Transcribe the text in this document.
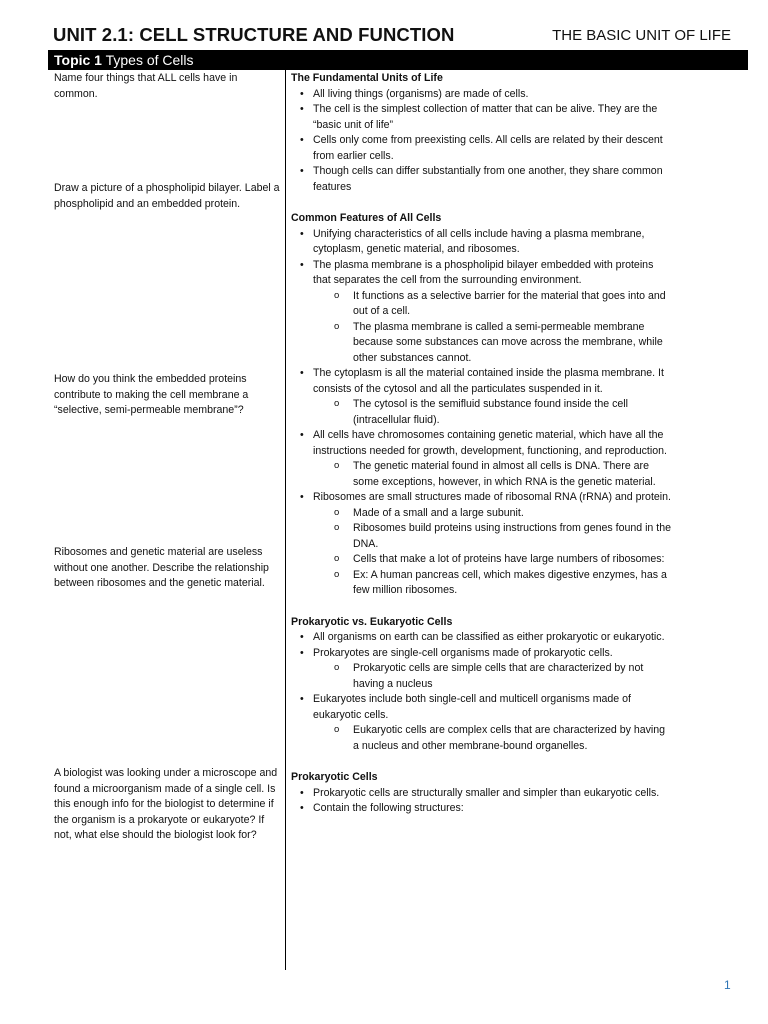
UNIT 2.1: CELL STRUCTURE AND FUNCTION	THE BASIC UNIT OF LIFE
Topic 1 Types of Cells
Name four things that ALL cells have in common.
Draw a picture of a phospholipid bilayer. Label a phospholipid and an embedded protein.
How do you think the embedded proteins contribute to making the cell membrane a “selective, semi-permeable membrane”?
Ribosomes and genetic material are useless without one another. Describe the relationship between ribosomes and the genetic material.
A biologist was looking under a microscope and found a microorganism made of a single cell. Is this enough info for the biologist to determine if the organism is a prokaryote or eukaryote? If not, what else should the biologist look for?
The Fundamental Units of Life
• All living things (organisms) are made of cells.
• The cell is the simplest collection of matter that can be alive. They are the “basic unit of life”
• Cells only come from preexisting cells. All cells are related by their descent from earlier cells.
• Though cells can differ substantially from one another, they share common features
Common Features of All Cells
• Unifying characteristics of all cells include having a plasma membrane, cytoplasm, genetic material, and ribosomes.
• The plasma membrane is a phospholipid bilayer embedded with proteins that separates the cell from the surrounding environment.
o It functions as a selective barrier for the material that goes into and out of a cell.
o The plasma membrane is called a semi-permeable membrane because some substances can move across the membrane, while other substances cannot.
• The cytoplasm is all the material contained inside the plasma membrane. It consists of the cytosol and all the particulates suspended in it.
o The cytosol is the semifluid substance found inside the cell (intracellular fluid).
• All cells have chromosomes containing genetic material, which have all the instructions needed for growth, development, functioning, and reproduction.
o The genetic material found in almost all cells is DNA. There are some exceptions, however, in which RNA is the genetic material.
• Ribosomes are small structures made of ribosomal RNA (rRNA) and protein.
o Made of a small and a large subunit.
o Ribosomes build proteins using instructions from genes found in the DNA.
o Cells that make a lot of proteins have large numbers of ribosomes:
o Ex: A human pancreas cell, which makes digestive enzymes, has a few million ribosomes.
Prokaryotic vs. Eukaryotic Cells
• All organisms on earth can be classified as either prokaryotic or eukaryotic.
• Prokaryotes are single-cell organisms made of prokaryotic cells.
o Prokaryotic cells are simple cells that are characterized by not having a nucleus
• Eukaryotes include both single-cell and multicell organisms made of eukaryotic cells.
o Eukaryotic cells are complex cells that are characterized by having a nucleus and other membrane-bound organelles.
Prokaryotic Cells
• Prokaryotic cells are structurally smaller and simpler than eukaryotic cells.
• Contain the following structures:
1
